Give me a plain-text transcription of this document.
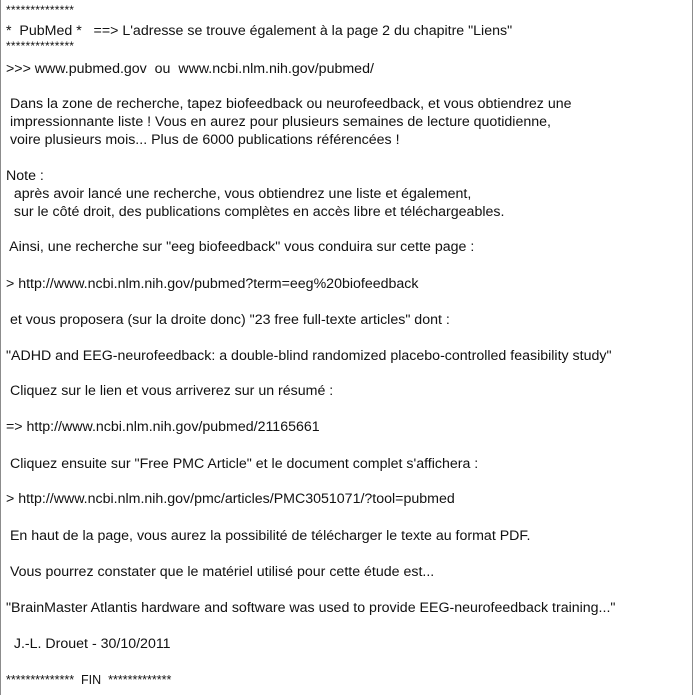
**************
*  PubMed *   ==> L'adresse se trouve également à la page 2 du chapitre "Liens"
**************
>>> www.pubmed.gov  ou  www.ncbi.nlm.nih.gov/pubmed/
Dans la zone de recherche, tapez biofeedback ou neurofeedback, et vous obtiendrez une
impressionnante liste ! Vous en aurez pour plusieurs semaines de lecture quotidienne,
voire plusieurs mois... Plus de 6000 publications référencées !
Note :
après avoir lancé une recherche, vous obtiendrez une liste et également,
sur le côté droit, des publications complètes en accès libre et téléchargeables.
Ainsi, une recherche sur "eeg biofeedback" vous conduira sur cette page :
> http://www.ncbi.nlm.nih.gov/pubmed?term=eeg%20biofeedback
et vous proposera (sur la droite donc) "23 free full-texte articles" dont :
"ADHD and EEG-neurofeedback: a double-blind randomized placebo-controlled feasibility study"
Cliquez sur le lien et vous arriverez sur un résumé :
=> http://www.ncbi.nlm.nih.gov/pubmed/21165661
Cliquez ensuite sur "Free PMC Article" et le document complet s'affichera :
> http://www.ncbi.nlm.nih.gov/pmc/articles/PMC3051071/?tool=pubmed
En haut de la page, vous aurez la possibilité de télécharger le texte au format PDF.
Vous pourrez constater que le matériel utilisé pour cette étude est...
"BrainMaster Atlantis hardware and software was used to provide EEG-neurofeedback training..."
J.-L. Drouet - 30/10/2011
**************  FIN  *************
